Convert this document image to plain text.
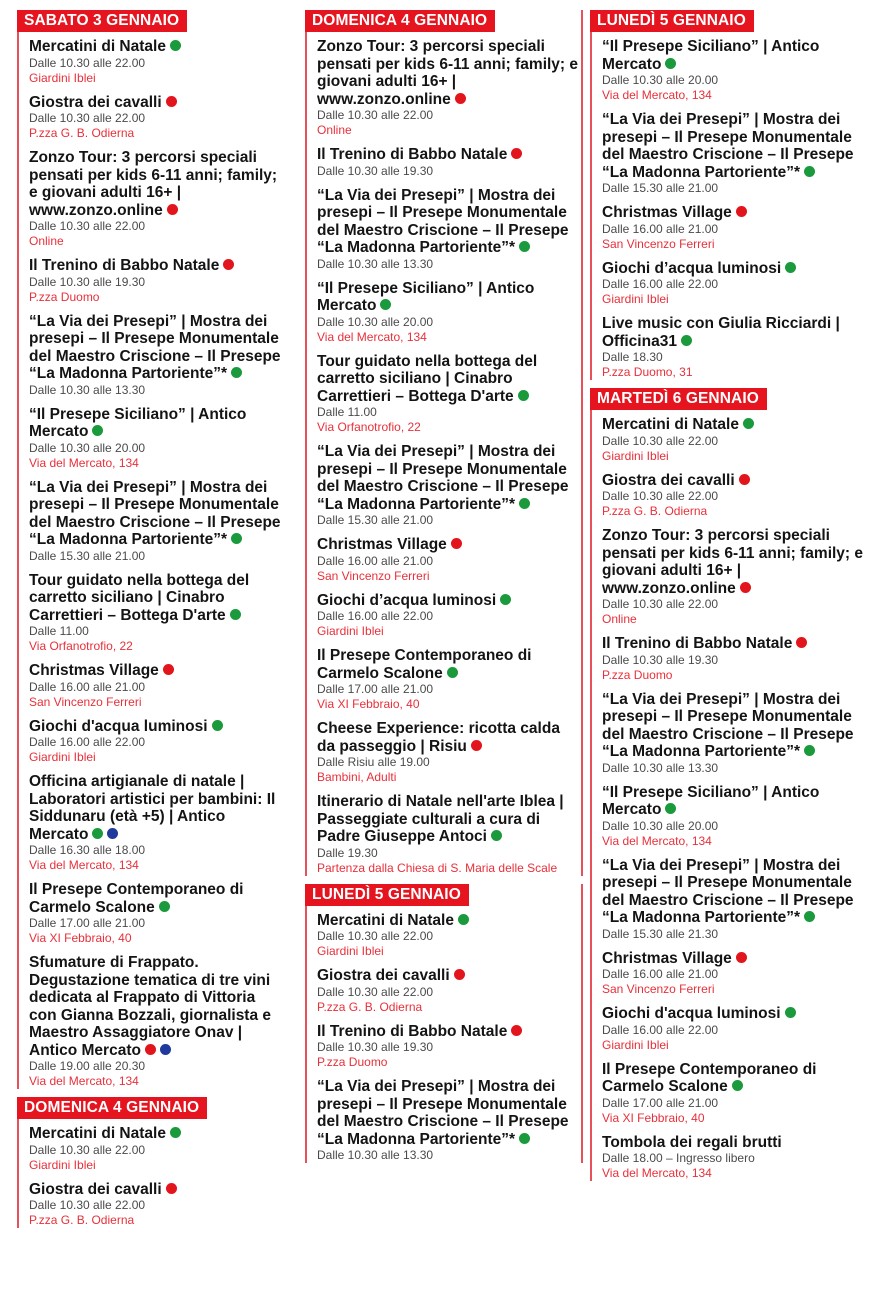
SABATO 3 GENNAIO
Mercatini di Natale
Dalle 10.30 alle 22.00
Giardini Iblei
Giostra dei cavalli
Dalle 10.30 alle 22.00
P.zza G. B. Odierna
Zonzo Tour: 3 percorsi speciali pensati per kids 6-11 anni; family; e giovani adulti 16+ | www.zonzo.online
Dalle 10.30 alle 22.00
Online
Il Trenino di Babbo Natale
Dalle 10.30 alle 19.30
P.zza Duomo
“La Via dei Presepi” | Mostra dei presepi – Il Presepe Monumentale del Maestro Criscione – Il Presepe “La Madonna Partoriente”*
Dalle 10.30 alle 13.30
“Il Presepe Siciliano” | Antico Mercato
Dalle 10.30 alle 20.00
Via del Mercato, 134
“La Via dei Presepi” | Mostra dei presepi – Il Presepe Monumentale del Maestro Criscione – Il Presepe “La Madonna Partoriente”*
Dalle 15.30 alle 21.00
Tour guidato nella bottega del carretto siciliano | Cinabro Carrettieri – Bottega D'arte
Dalle 11.00
Via Orfanotrofio, 22
Christmas Village
Dalle 16.00 alle 21.00
San Vincenzo Ferreri
Giochi d'acqua luminosi
Dalle 16.00 alle 22.00
Giardini Iblei
Officina artigianale di natale | Laboratori artistici per bambini: Il Siddunaru (età +5) | Antico Mercato
Dalle 16.30 alle 18.00
Via del Mercato, 134
Il Presepe Contemporaneo di Carmelo Scalone
Dalle 17.00 alle 21.00
Via XI Febbraio, 40
Sfumature di Frappato. Degustazione tematica di tre vini dedicata al Frappato di Vittoria con Gianna Bozzali, giornalista e Maestro Assaggiatore Onav | Antico Mercato
Dalle 19.00 alle 20.30
Via del Mercato, 134
DOMENICA 4 GENNAIO
Mercatini di Natale
Dalle 10.30 alle 22.00
Giardini Iblei
Giostra dei cavalli
Dalle 10.30 alle 22.00
P.zza G. B. Odierna
DOMENICA 4 GENNAIO
Zonzo Tour: 3 percorsi speciali pensati per kids 6-11 anni; family; e giovani adulti 16+ | www.zonzo.online
Dalle 10.30 alle 22.00
Online
Il Trenino di Babbo Natale
Dalle 10.30 alle 19.30
“La Via dei Presepi” | Mostra dei presepi – Il Presepe Monumentale del Maestro Criscione – Il Presepe “La Madonna Partoriente”*
Dalle 10.30 alle 13.30
“Il Presepe Siciliano” | Antico Mercato
Dalle 10.30 alle 20.00
Via del Mercato, 134
Tour guidato nella bottega del carretto siciliano | Cinabro Carrettieri – Bottega D'arte
Dalle 11.00
Via Orfanotrofio, 22
“La Via dei Presepi” | Mostra dei presepi – Il Presepe Monumentale del Maestro Criscione – Il Presepe “La Madonna Partoriente”*
Dalle 15.30 alle 21.00
Christmas Village
Dalle 16.00 alle 21.00
San Vincenzo Ferreri
Giochi d’acqua luminosi
Dalle 16.00 alle 22.00
Giardini Iblei
Il Presepe Contemporaneo di Carmelo Scalone
Dalle 17.00 alle 21.00
Via XI Febbraio, 40
Cheese Experience: ricotta calda da passeggio | Risiu
Dalle Risiu alle 19.00
Bambini, Adulti
Itinerario di Natale nell'arte Iblea | Passeggiate culturali a cura di Padre Giuseppe Antoci
Dalle 19.30
Partenza dalla Chiesa di S. Maria delle Scale
LUNEDÌ 5 GENNAIO
Mercatini di Natale
Dalle 10.30 alle 22.00
Giardini Iblei
Giostra dei cavalli
Dalle 10.30 alle 22.00
P.zza G. B. Odierna
Il Trenino di Babbo Natale
Dalle 10.30 alle 19.30
P.zza Duomo
“La Via dei Presepi” | Mostra dei presepi – Il Presepe Monumentale del Maestro Criscione – Il Presepe “La Madonna Partoriente”*
Dalle 10.30 alle 13.30
LUNEDÌ 5 GENNAIO
“Il Presepe Siciliano” | Antico Mercato
Dalle 10.30 alle 20.00
Via del Mercato, 134
“La Via dei Presepi” | Mostra dei presepi – Il Presepe Monumentale del Maestro Criscione – Il Presepe “La Madonna Partoriente”*
Dalle 15.30 alle 21.00
Christmas Village
Dalle 16.00 alle 21.00
San Vincenzo Ferreri
Giochi d’acqua luminosi
Dalle 16.00 alle 22.00
Giardini Iblei
Live music con Giulia Ricciardi | Officina31
Dalle 18.30
P.zza Duomo, 31
MARTEDÌ 6 GENNAIO
Mercatini di Natale
Dalle 10.30 alle 22.00
Giardini Iblei
Giostra dei cavalli
Dalle 10.30 alle 22.00
P.zza G. B. Odierna
Zonzo Tour: 3 percorsi speciali pensati per kids 6-11 anni; family; e giovani adulti 16+ | www.zonzo.online
Dalle 10.30 alle 22.00
Online
Il Trenino di Babbo Natale
Dalle 10.30 alle 19.30
P.zza Duomo
“La Via dei Presepi” | Mostra dei presepi – Il Presepe Monumentale del Maestro Criscione – Il Presepe “La Madonna Partoriente”*
Dalle 10.30 alle 13.30
“Il Presepe Siciliano” | Antico Mercato
Dalle 10.30 alle 20.00
Via del Mercato, 134
“La Via dei Presepi” | Mostra dei presepi – Il Presepe Monumentale del Maestro Criscione – Il Presepe “La Madonna Partoriente”*
Dalle 15.30 alle 21.30
Christmas Village
Dalle 16.00 alle 21.00
San Vincenzo Ferreri
Giochi d'acqua luminosi
Dalle 16.00 alle 22.00
Giardini Iblei
Il Presepe Contemporaneo di Carmelo Scalone
Dalle 17.00 alle 21.00
Via XI Febbraio, 40
Tombola dei regali brutti
Dalle 18.00 – Ingresso libero
Via del Mercato, 134
